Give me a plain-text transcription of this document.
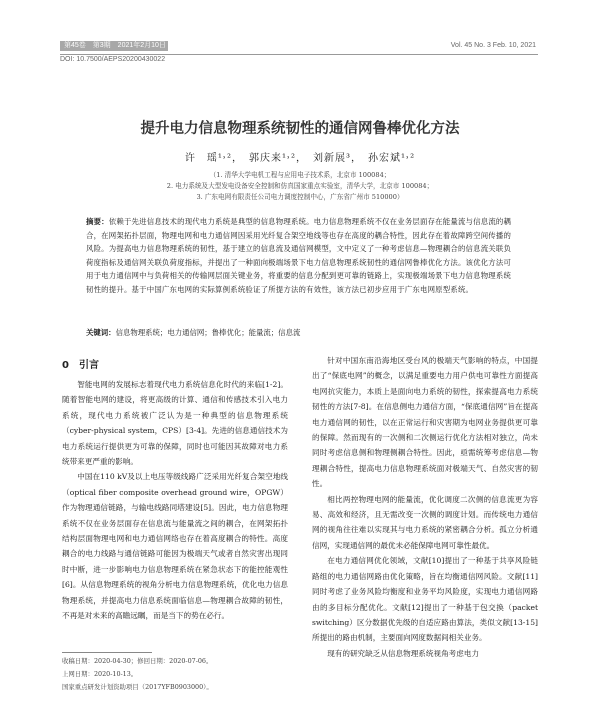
第45卷　第3期　2021年2月10日	Vol. 45 No. 3 Feb. 10, 2021
DOI: 10.7500/AEPS20200430022
提升电力信息物理系统韧性的通信网鲁棒优化方法
许　瑶¹˒²，　郭庆来¹˒²，　刘新展³，　孙宏斌¹˒²
（1. 清华大学电机工程与应用电子技术系，北京市 100084；
2. 电力系统及大型发电设备安全控制和仿真国家重点实验室，清华大学，北京市 100084；
3. 广东电网有限责任公司电力调度控制中心，广东省广州市 510000）
摘要：依赖于先进信息技术的现代电力系统是典型的信息物理系统。电力信息物理系统不仅在业务层面存在能量流与信息流的耦合，在网架拓扑层面，物理电网和电力通信网因采用光纤复合架空地线等也存在高度的耦合特性，因此存在着故障跨空间传播的风险。为提高电力信息物理系统的韧性，基于建立的信息流及通信网模型，文中定义了一种考虑信息—物理耦合的信息流关联负荷度指标及通信网关联负荷度指标，并提出了一种面向极端场景下电力信息物理系统韧性的通信网鲁棒优化方法。该优化方法可用于电力通信网中与负荷相关的传输网层面关键业务，将重要的信息分配到更可靠的链路上，实现极端场景下电力信息物理系统韧性的提升。基于中国广东电网的实际算例系统验证了所提方法的有效性，该方法已初步应用于广东电网原型系统。
关键词：信息物理系统；电力通信网；鲁棒优化；能量流；信息流
0　引言

智能电网的发展标志着现代电力系统信息化时代的来临[1-2]。随着智能电网的建设，将更高级的计算、通信和传感技术引入电力系统，现代电力系统被广泛认为是一种典型的信息物理系统（cyber-physical system，CPS）[3-4]。先进的信息通信技术为电力系统运行提供更为可靠的保障，同时也可能因其故障对电力系统带来更严重的影响。

中国在110 kV及以上电压等级线路广泛采用光纤复合架空地线（optical fiber composite overhead ground wire，OPGW）作为物理通信链路，与输电线路同塔建设[5]。因此，电力信息物理系统不仅在业务层面存在信息流与能量流之间的耦合，在网架拓扑结构层面物理电网和电力通信网络也存在着高度耦合的特性。高度耦合的电力线路与通信链路可能因为极端天气或者自然灾害出现同时中断，进一步影响电力信息物理系统在紧急状态下的能控能观性[6]。从信息物理系统的视角分析电力信息物理系统，优化电力信息物理系统，并提高电力信息系统面临信息—物理耦合故障的韧性，不再是对未来的高瞻远瞩，而是当下的势在必行。

针对中国东南沿海地区受台风的极端天气影响的特点，中国提出了“保底电网”的概念，以满足重要电力用户供电可靠性方面提高电网抗灾能力，本质上是面向电力系统的韧性，探索提高电力系统韧性的方法[7-8]。在信息侧电力通信方面，“保底通信网”旨在提高电力通信网的韧性，以在正常运行和灾害期为电网业务提供更可靠的保障。然而现有的一次侧和二次侧运行优化方法相对独立，尚未同时考虑信息侧和物理侧耦合特性。因此，亟需统筹考虑信息—物理耦合特性，提高电力信息物理系统面对极端天气、自然灾害的韧性。

相比两控物理电网的能量流，优化调度二次侧的信息流更为容易、高效和经济，且无需改变一次侧的调度计划。而传统电力通信网的视角往往难以实现其与电力系统的紧密耦合分析。孤立分析通信网，实现通信网的最优未必能保障电网可靠性最优。

在电力通信网优化领域，文献[10]提出了一种基于共享风险链路组的电力通信网路由优化策略，旨在均衡通信网风险。文献[11]同时考虑了业务风险均衡度和业务平均风险度，实现电力通信网路由的多目标分配优化。文献[12]提出了一种基于包交换（packet switching）区分数据优先级的自适应路由算法，类似文献[13-15]所提出的路由机制，主要面向网度数据间相关业务。

现有的研究缺乏从信息物理系统视角考虑电力

收稿日期：2020-04-30；修回日期：2020-07-06。
上网日期：2020-10-13。
国家重点研发计划资助项目（2017YFB0903000）。
